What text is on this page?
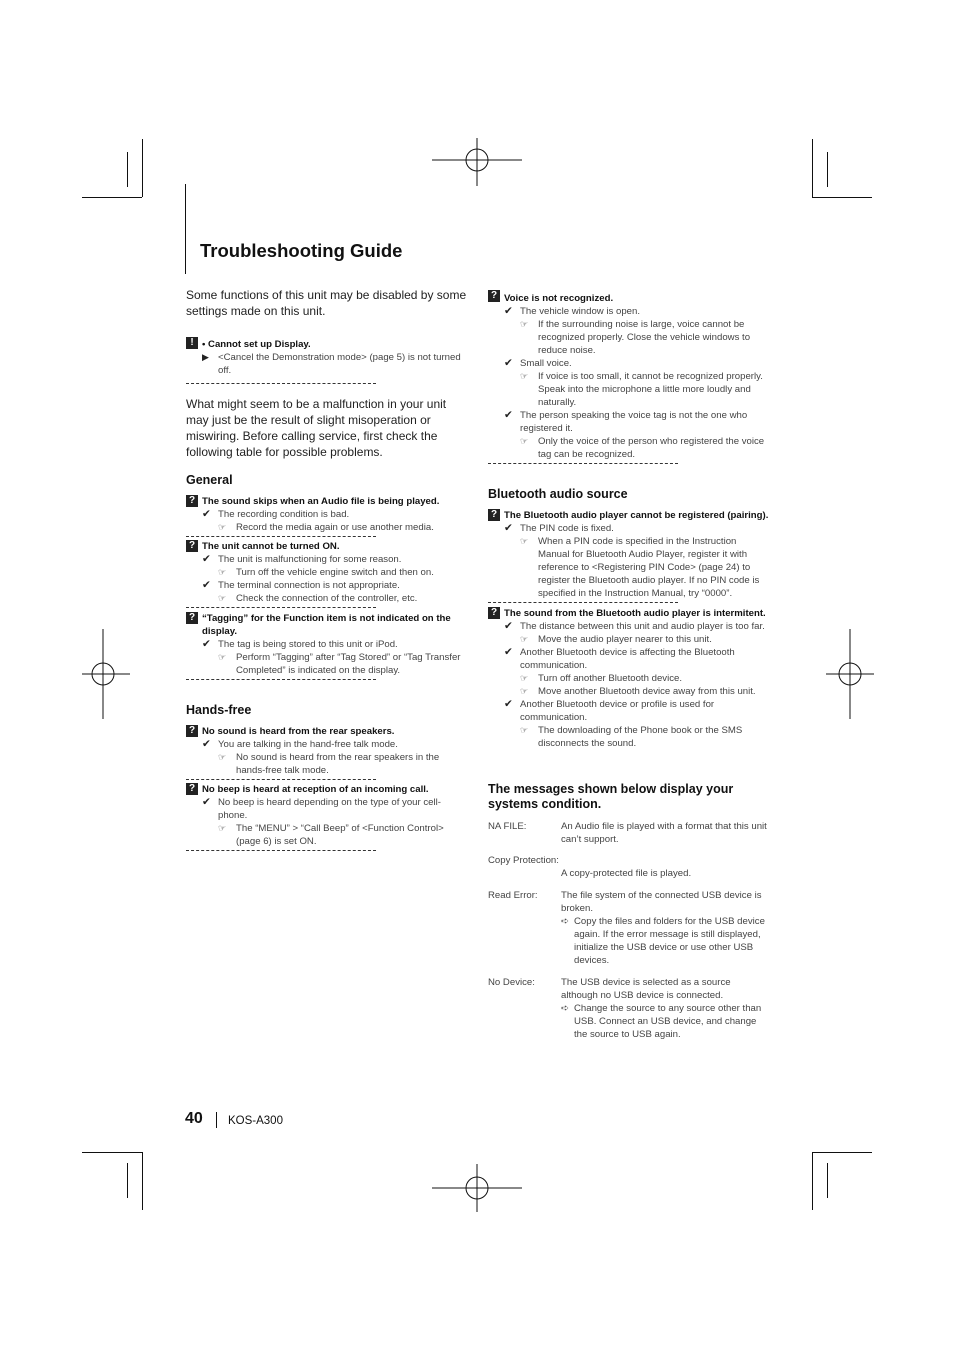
Troubleshooting Guide
Some functions of this unit may be disabled by some settings made on this unit.
! • Cannot set up Display.
▶ <Cancel the Demonstration mode> (page 5) is not turned off.
What might seem to be a malfunction in your unit may just be the result of slight misoperation or miswiring. Before calling service, first check the following table for possible problems.
General
? The sound skips when an Audio file is being played.
✔ The recording condition is bad.
☞ Record the media again or use another media.
? The unit cannot be turned ON.
✔ The unit is malfunctioning for some reason.
☞ Turn off the vehicle engine switch and then on.
✔ The terminal connection is not appropriate.
☞ Check the connection of the controller, etc.
? “Tagging” for the Function item is not indicated on the display.
✔ The tag is being stored to this unit or iPod.
☞ Perform “Tagging” after “Tag Stored” or “Tag Transfer Completed” is indicated on the display.
Hands-free
? No sound is heard from the rear speakers.
✔ You are talking in the hand-free talk mode.
☞ No sound is heard from the rear speakers in the hands-free talk mode.
? No beep is heard at reception of an incoming call.
✔ No beep is heard depending on the type of your cell-phone.
☞ The “MENU” > “Call Beep” of <Function Control> (page 6) is set ON.
? Voice is not recognized.
✔ The vehicle window is open.
☞ If the surrounding noise is large, voice cannot be recognized properly. Close the vehicle windows to reduce noise.
✔ Small voice.
☞ If voice is too small, it cannot be recognized properly. Speak into the microphone a little more loudly and naturally.
✔ The person speaking the voice tag is not the one who registered it.
☞ Only the voice of the person who registered the voice tag can be recognized.
Bluetooth audio source
? The Bluetooth audio player cannot be registered (pairing).
✔ The PIN code is fixed.
☞ When a PIN code is specified in the Instruction Manual for Bluetooth Audio Player, register it with reference to <Registering PIN Code> (page 24) to register the Bluetooth audio player. If no PIN code is specified in the Instruction Manual, try “0000”.
? The sound from the Bluetooth audio player is intermitent.
✔ The distance between this unit and audio player is too far.
☞ Move the audio player nearer to this unit.
✔ Another Bluetooth device is affecting the Bluetooth communication.
☞ Turn off another Bluetooth device.
☞ Move another Bluetooth device away from this unit.
✔ Another Bluetooth device or profile is used for communication.
☞ The downloading of the Phone book or the SMS disconnects the sound.
The messages shown below display your systems condition.
NA FILE:	An Audio file is played with a format that this unit can’t support.
Copy Protection:
A copy-protected file is played.
Read Error: The file system of the connected USB device is broken.
➪ Copy the files and folders for the USB device again. If the error message is still displayed, initialize the USB device or use other USB devices.
No Device:	The USB device is selected as a source although no USB device is connected.
➪ Change the source to any source other than USB. Connect an USB device, and change the source to USB again.
40 KOS-A300
